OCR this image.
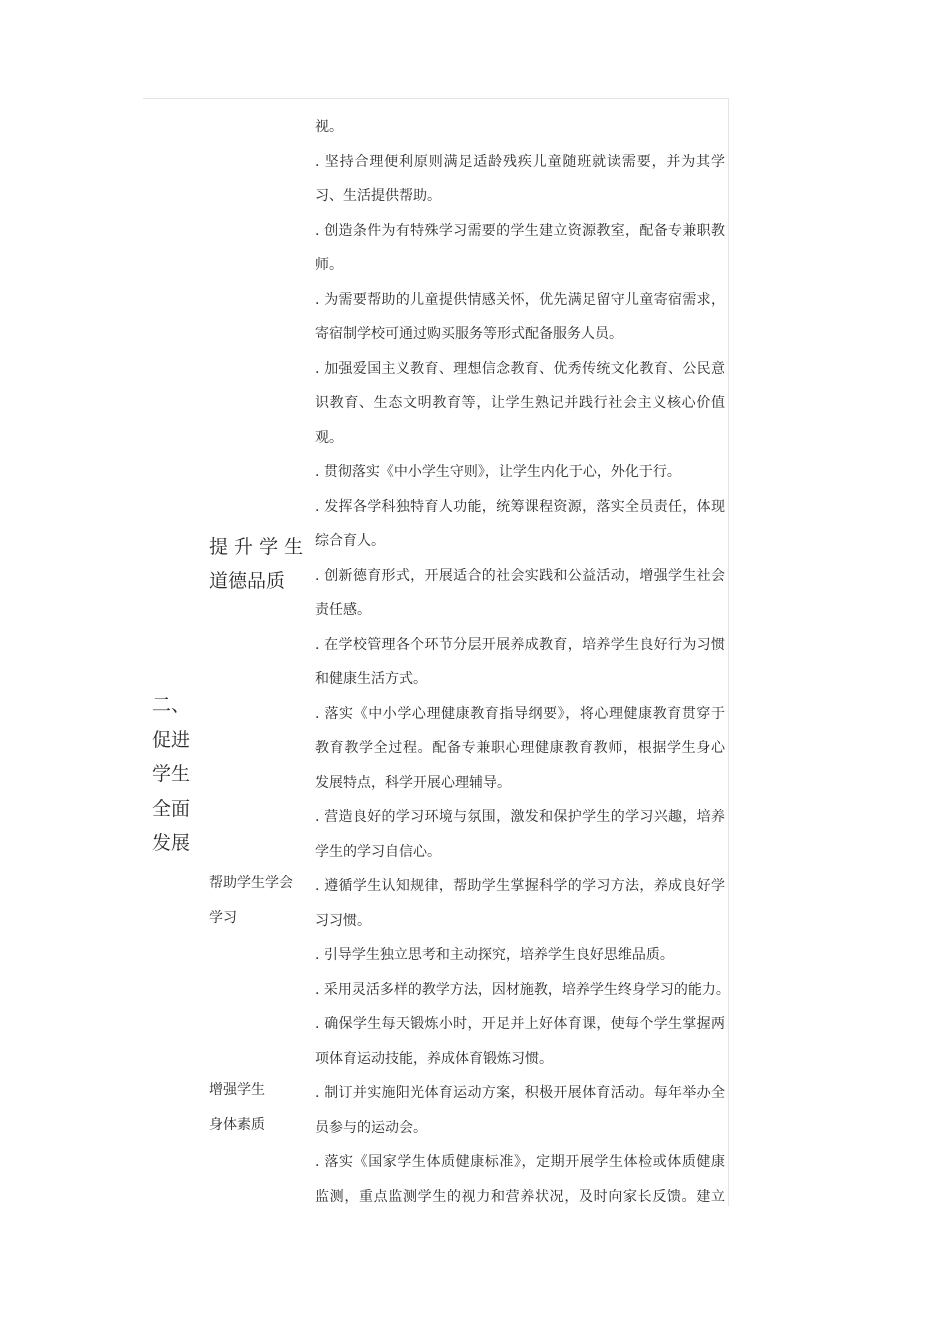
二、
促进
学生
全面
发展
提 升 学 生
道德品质
帮助学生学会
学习
增强学生
身体素质
视。
. 坚持合理便利原则满足适龄残疾儿童随班就读需要，并为其学
习、生活提供帮助。
. 创造条件为有特殊学习需要的学生建立资源教室，配备专兼职教
师。
. 为需要帮助的儿童提供情感关怀，优先满足留守儿童寄宿需求，
寄宿制学校可通过购买服务等形式配备服务人员。
. 加强爱国主义教育、理想信念教育、优秀传统文化教育、公民意
识教育、生态文明教育等，让学生熟记并践行社会主义核心价值
观。
. 贯彻落实《中小学生守则》，让学生内化于心，外化于行。
. 发挥各学科独特育人功能，统筹课程资源，落实全员责任，体现
综合育人。
. 创新德育形式，开展适合的社会实践和公益活动，增强学生社会
责任感。
. 在学校管理各个环节分层开展养成教育，培养学生良好行为习惯
和健康生活方式。
. 落实《中小学心理健康教育指导纲要》，将心理健康教育贯穿于
教育教学全过程。配备专兼职心理健康教育教师，根据学生身心
发展特点，科学开展心理辅导。
. 营造良好的学习环境与氛围，激发和保护学生的学习兴趣，培养
学生的学习自信心。
. 遵循学生认知规律，帮助学生掌握科学的学习方法，养成良好学
习习惯。
. 引导学生独立思考和主动探究，培养学生良好思维品质。
. 采用灵活多样的教学方法，因材施教，培养学生终身学习的能力。
. 确保学生每天锻炼小时，开足并上好体育课，使每个学生掌握两
项体育运动技能，养成体育锻炼习惯。
. 制订并实施阳光体育运动方案，积极开展体育活动。每年举办全
员参与的运动会。
. 落实《国家学生体质健康标准》，定期开展学生体检或体质健康
监测，重点监测学生的视力和营养状况，及时向家长反馈。建立
